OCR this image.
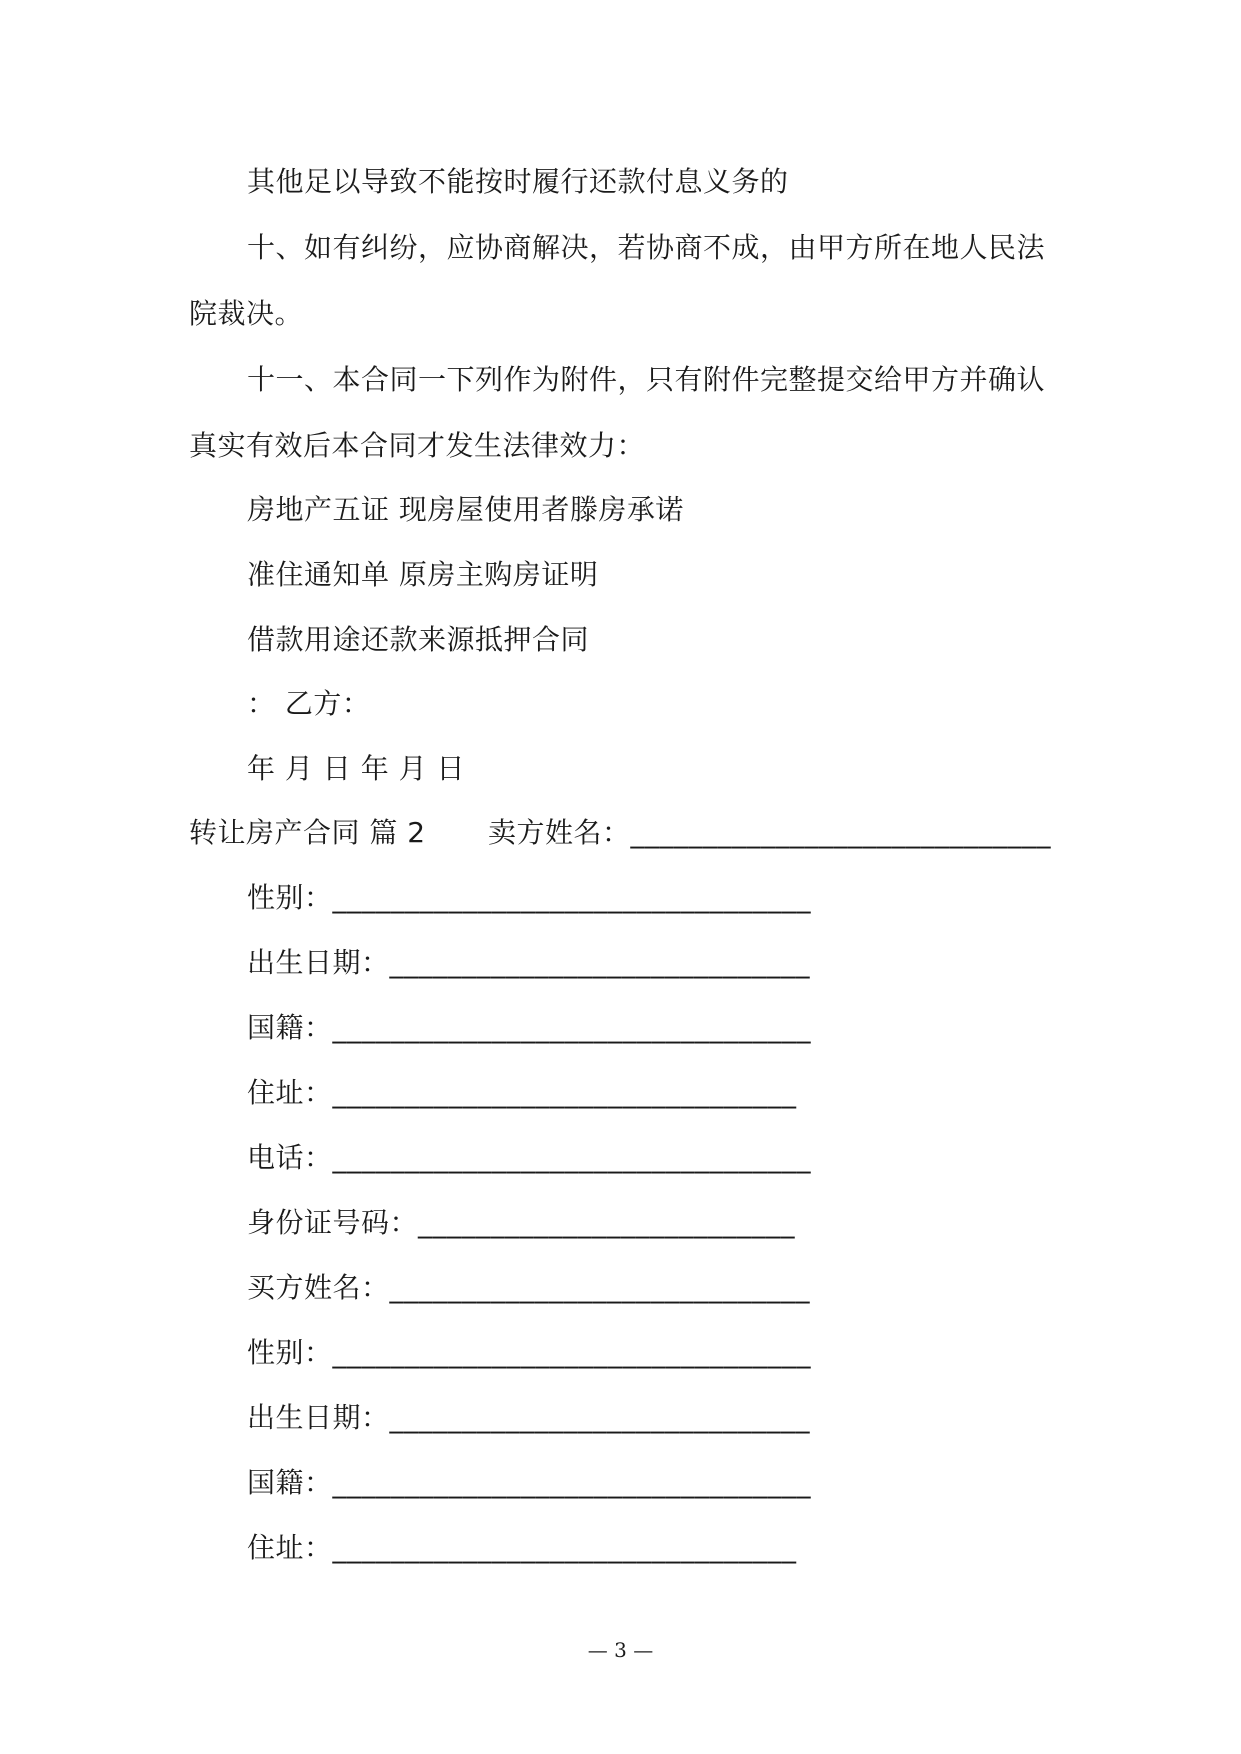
其他足以导致不能按时履行还款付息义务的
十、如有纠纷，应协商解决，若协商不成，由甲方所在地人民法
院裁决。
十一、本合同一下列作为附件，只有附件完整提交给甲方并确认
真实有效后本合同才发生法律效力：
房地产五证 现房屋使用者滕房承诺
准住通知单 原房主购房证明
借款用途还款来源抵押合同
： 乙方：
年 月 日 年 月 日
转让房产合同 篇 2 卖方姓名：_____________________________
性别：_________________________________
出生日期：_____________________________
国籍：_________________________________
住址：________________________________
电话：_________________________________
身份证号码：__________________________
买方姓名：_____________________________
性别：_________________________________
出生日期：_____________________________
国籍：_________________________________
住址：________________________________
— 3 —
